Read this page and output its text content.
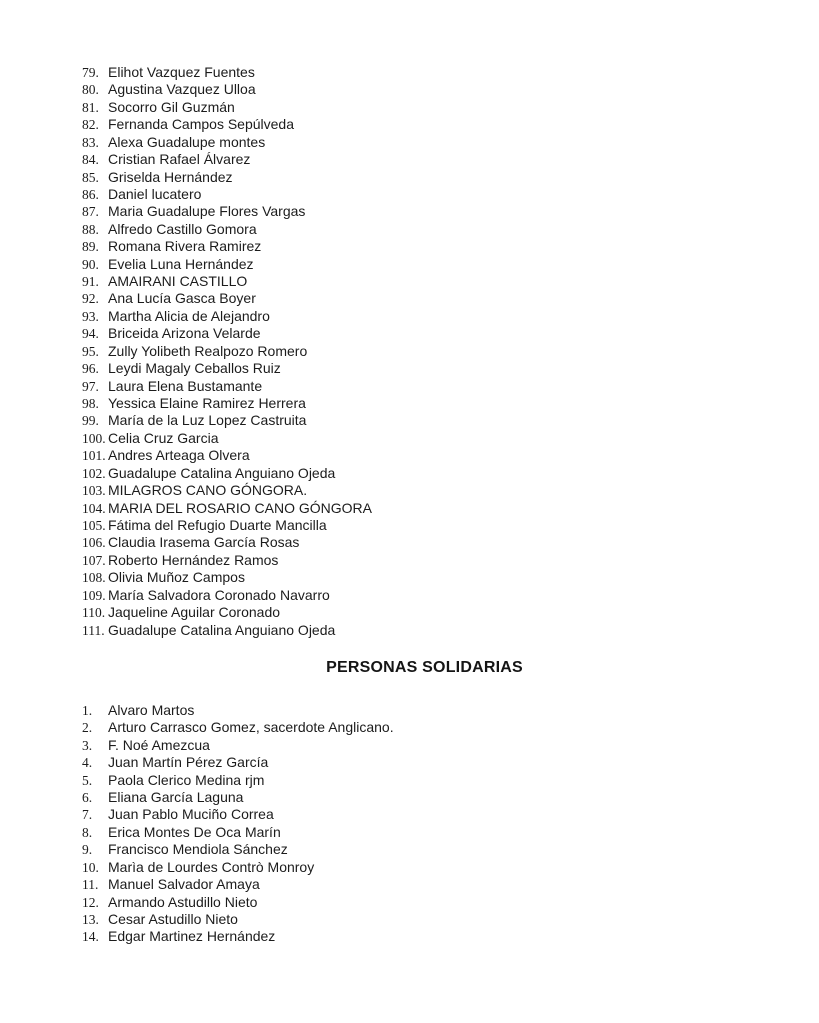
79. Elihot Vazquez Fuentes
80. Agustina Vazquez Ulloa
81. Socorro Gil Guzmán
82. Fernanda Campos Sepúlveda
83. Alexa Guadalupe montes
84. Cristian Rafael Álvarez
85. Griselda Hernández
86. Daniel lucatero
87. Maria Guadalupe Flores Vargas
88. Alfredo Castillo Gomora
89. Romana Rivera Ramirez
90. Evelia Luna Hernández
91. AMAIRANI CASTILLO
92. Ana Lucía Gasca Boyer
93. Martha Alicia de Alejandro
94. Briceida Arizona Velarde
95. Zully Yolibeth Realpozo Romero
96. Leydi Magaly Ceballos Ruiz
97. Laura Elena Bustamante
98. Yessica Elaine Ramirez Herrera
99. María de la Luz Lopez Castruita
100. Celia Cruz Garcia
101. Andres Arteaga Olvera
102. Guadalupe Catalina Anguiano Ojeda
103. MILAGROS CANO GÓNGORA.
104. MARIA DEL ROSARIO CANO GÓNGORA
105. Fátima del Refugio Duarte Mancilla
106. Claudia Irasema García Rosas
107. Roberto Hernández Ramos
108. Olivia Muñoz Campos
109. María Salvadora Coronado Navarro
110. Jaqueline Aguilar Coronado
111. Guadalupe Catalina Anguiano Ojeda
PERSONAS SOLIDARIAS
1.	Alvaro Martos
2.	Arturo Carrasco Gomez, sacerdote Anglicano.
3.	F. Noé Amezcua
4.	Juan Martín Pérez García
5.	Paola Clerico Medina rjm
6.	Eliana García Laguna
7.	Juan Pablo Muciño Correa
8.	Erica Montes De Oca Marín
9.	Francisco Mendiola Sánchez
10. Marìa de Lourdes Contrò Monroy
11. Manuel Salvador Amaya
12. Armando Astudillo Nieto
13. Cesar Astudillo Nieto
14. Edgar Martinez Hernández
